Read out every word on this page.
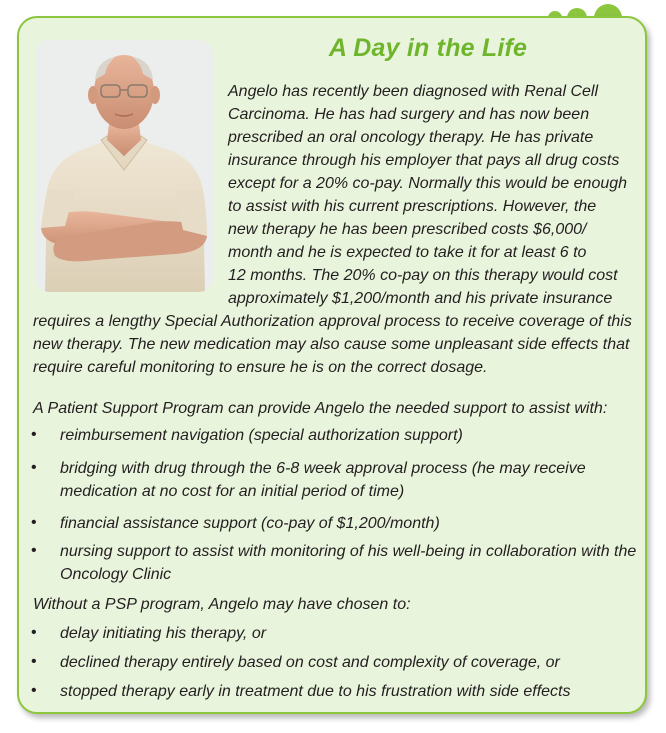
A Day in the Life
Angelo has recently been diagnosed with Renal Cell
Carcinoma. He has had surgery and has now been
prescribed an oral oncology therapy. He has private
insurance through his employer that pays all drug costs
except for a 20% co-pay. Normally this would be enough
to assist with his current prescriptions. However, the
new therapy he has been prescribed costs $6,000/
month and he is expected to take it for at least 6 to
12 months. The 20% co-pay on this therapy would cost
approximately $1,200/month and his private insurance
requires a lengthy Special Authorization approval process to receive coverage of this
new therapy. The new medication may also cause some unpleasant side effects that
require careful monitoring to ensure he is on the correct dosage.
A Patient Support Program can provide Angelo the needed support to assist with:
• reimbursement navigation (special authorization support)
• bridging with drug through the 6-8 week approval process (he may receive medication at no cost for an initial period of time)
• financial assistance support (co-pay of $1,200/month)
• nursing support to assist with monitoring of his well-being in collaboration with the Oncology Clinic
Without a PSP program, Angelo may have chosen to:
• delay initiating his therapy, or
• declined therapy entirely based on cost and complexity of coverage, or
• stopped therapy early in treatment due to his frustration with side effects
